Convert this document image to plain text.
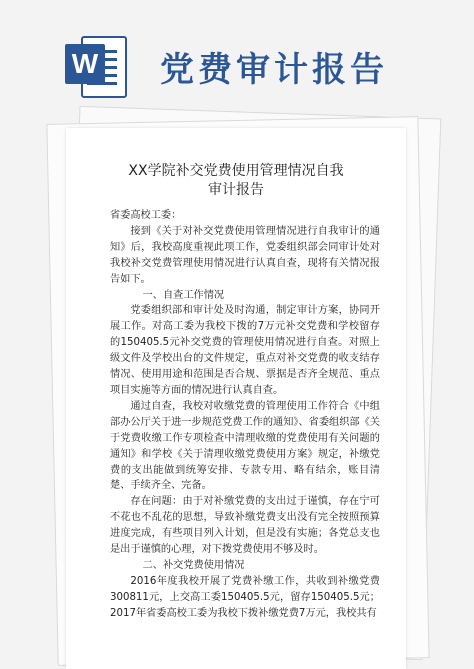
W 党费审计报告
XX学院补交党费使用管理情况自我
审计报告

省委高校工委：

接到《关于对补交党费使用管理情况进行自我审计的通知》后，我校高度重视此项工作，党委组织部会同审计处对我校补交党费管理使用情况进行认真自查，现将有关情况报告如下。

一、自查工作情况

党委组织部和审计处及时沟通，制定审计方案，协同开展工作。对高工委为我校下拨的7万元补交党费和学校留存的150405.5元补交党费的管理使用情况进行自查。对照上级文件及学校出台的文件规定，重点对补交党费的收支结存情况、使用用途和范围是否合规、票据是否齐全规范、重点项目实施等方面的情况进行认真自查。

通过自查，我校对收缴党费的管理使用工作符合《中组部办公厅关于进一步规范党费工作的通知》、省委组织部《关于党费收缴工作专项检查中清理收缴的党费使用有关问题的通知》和学校《关于清理收缴党费使用方案》规定，补缴党费的支出能做到统筹安排、专款专用、略有结余，账目清楚、手续齐全、完备。

存在问题：由于对补缴党费的支出过于谨慎，存在宁可不花也不乱花的思想，导致补缴党费支出没有完全按照预算进度完成，有些项目列入计划，但是没有实施；各党总支也是出于谨慎的心理，对下拨党费使用不够及时。

二、补交党费使用情况

2016年度我校开展了党费补缴工作，共收到补缴党费300811元，上交高工委150405.5元，留存150405.5元；2017年省委高校工委为我校下拨补缴党费7万元，我校共有
